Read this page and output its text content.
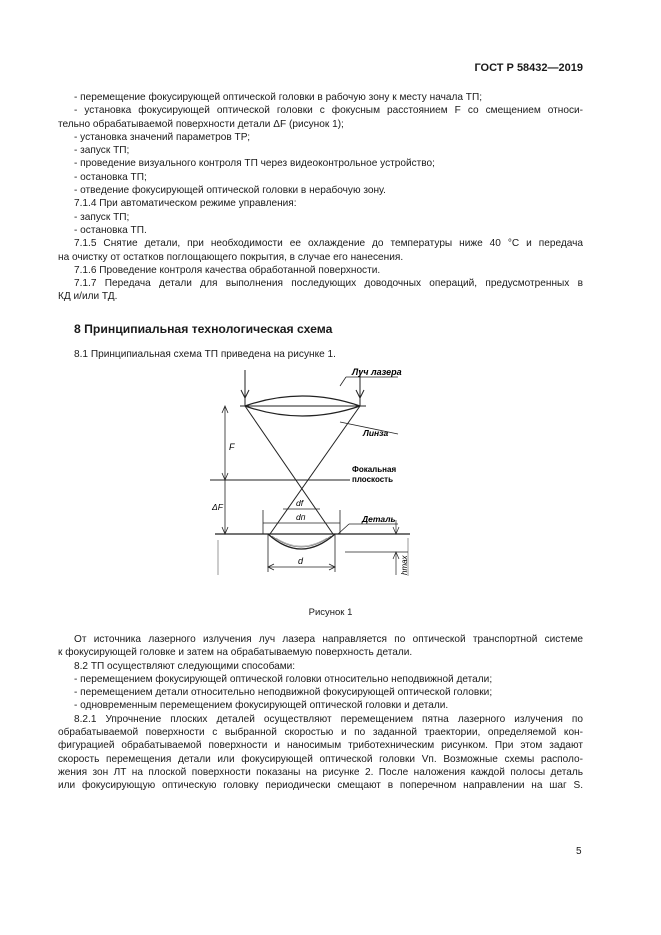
ГОСТ Р 58432—2019
- перемещение фокусирующей оптической головки в рабочую зону к месту начала ТП;
- установка фокусирующей оптической головки с фокусным расстоянием F со смещением относи-
тельно обрабатываемой поверхности детали ΔF (рисунок 1);
- установка значений параметров ТР;
- запуск ТП;
- проведение визуального контроля ТП через видеоконтрольное устройство;
- остановка ТП;
- отведение фокусирующей оптической головки в нерабочую зону.
7.1.4 При автоматическом режиме управления:
- запуск ТП;
- остановка ТП.
7.1.5 Снятие детали, при необходимости ее охлаждение до температуры ниже 40 °С и передача
на очистку от остатков поглощающего покрытия, в случае его нанесения.
7.1.6 Проведение контроля качества обработанной поверхности.
7.1.7 Передача детали для выполнения последующих доводочных операций, предусмотренных в
КД и/или ТД.
8 Принципиальная технологическая схема
8.1 Принципиальная схема ТП приведена на рисунке 1.
Луч лазера
Линза
Фокальная
плоскость
Деталь
F
ΔF	df
dп
d	hmax
Рисунок 1
От источника лазерного излучения луч лазера направляется по оптической транспортной системе
к фокусирующей головке и затем на обрабатываемую поверхность детали.
8.2 ТП осуществляют следующими способами:
- перемещением фокусирующей оптической головки относительно неподвижной детали;
- перемещением детали относительно неподвижной фокусирующей оптической головки;
- одновременным перемещением фокусирующей оптической головки и детали.
8.2.1 Упрочнение плоских деталей осуществляют перемещением пятна лазерного излучения по
обрабатываемой поверхности с выбранной скоростью и по заданной траектории, определяемой кон-
фигурацией обрабатываемой поверхности и наносимым триботехническим рисунком. При этом задают
скорость перемещения детали или фокусирующей оптической головки Vп. Возможные схемы располо-
жения зон ЛТ на плоской поверхности показаны на рисунке 2. После наложения каждой полосы деталь
или фокусирующую оптическую головку периодически смещают в поперечном направлении на шаг S.
5
